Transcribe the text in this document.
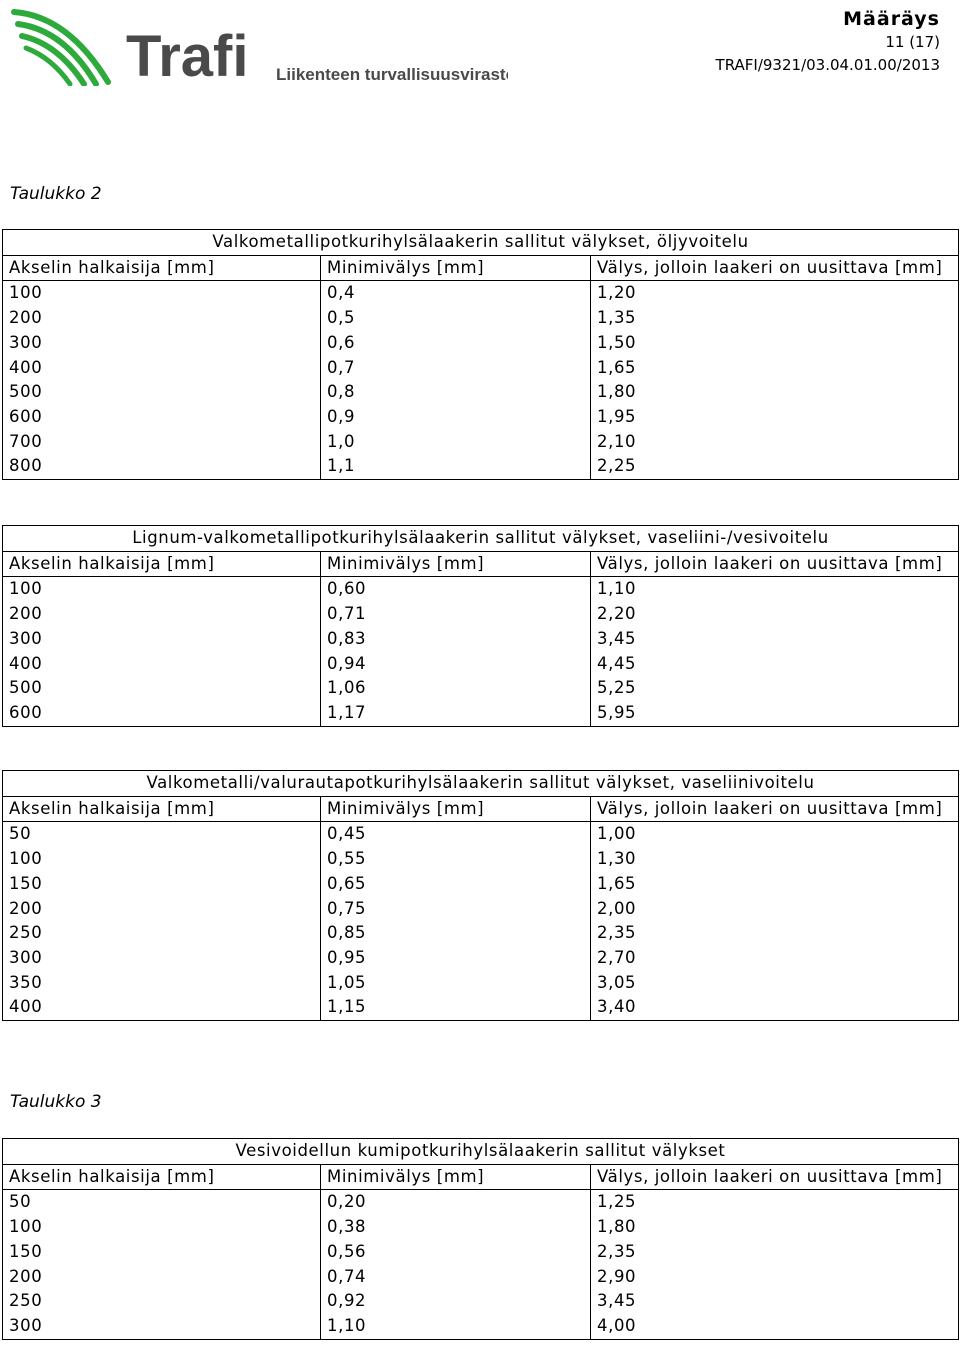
Trafi Liikenteen turvallisuusvirasto
Määräys
11 (17)
TRAFI/9321/03.04.01.00/2013
Taulukko 2
Valkometallipotkurihylsälaakerin sallitut välykset, öljyvoitelu		
Akselin halkaisija [mm]	Minimivälys [mm]	Välys, jolloin laakeri on uusittava [mm]
100	0,4	1,20
200	0,5	1,35
300	0,6	1,50
400	0,7	1,65
500	0,8	1,80
600	0,9	1,95
700	1,0	2,10
800	1,1	2,25
Lignum-valkometallipotkurihylsälaakerin sallitut välykset, vaseliini-/vesivoitelu		
Akselin halkaisija [mm]	Minimivälys [mm]	Välys, jolloin laakeri on uusittava [mm]
100	0,60	1,10
200	0,71	2,20
300	0,83	3,45
400	0,94	4,45
500	1,06	5,25
600	1,17	5,95
Valkometalli/valurautapotkurihylsälaakerin sallitut välykset, vaseliinivoitelu		
Akselin halkaisija [mm]	Minimivälys [mm]	Välys, jolloin laakeri on uusittava [mm]
50	0,45	1,00
100	0,55	1,30
150	0,65	1,65
200	0,75	2,00
250	0,85	2,35
300	0,95	2,70
350	1,05	3,05
400	1,15	3,40
Taulukko 3
Vesivoidellun kumipotkurihylsälaakerin sallitut välykset		
Akselin halkaisija [mm]	Minimivälys [mm]	Välys, jolloin laakeri on uusittava [mm]
50	0,20	1,25
100	0,38	1,80
150	0,56	2,35
200	0,74	2,90
250	0,92	3,45
300	1,10	4,00
